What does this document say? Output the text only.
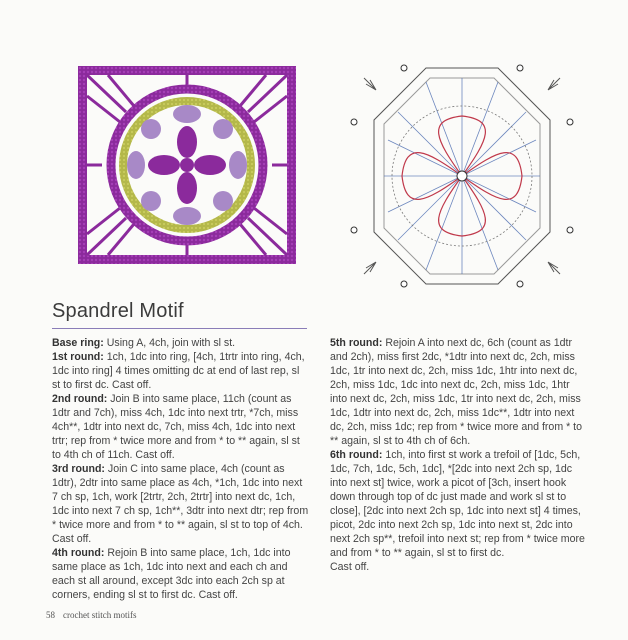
Spandrel Motif

Base ring: Using A, 4ch, join with sl st.

1st round: 1ch, 1dc into ring, [4ch, 1trtr into ring, 4ch, 1dc into ring] 4 times omitting dc at end of last rep, sl st to first dc. Cast off.

2nd round: Join B into same place, 11ch (count as 1dtr and 7ch), miss 4ch, 1dc into next trtr, *7ch, miss 4ch**, 1dtr into next dc, 7ch, miss 4ch, 1dc into next trtr; rep from * twice more and from * to ** again, sl st to 4th ch of 11ch. Cast off.

3rd round: Join C into same place, 4ch (count as 1dtr), 2dtr into same place as 4ch, *1ch, 1dc into next 7 ch sp, 1ch, work [2trtr, 2ch, 2trtr] into next dc, 1ch, 1dc into next 7 ch sp, 1ch**, 3dtr into next dtr; rep from * twice more and from * to ** again, sl st to top of 4ch. Cast off.

4th round: Rejoin B into same place, 1ch, 1dc into same place as 1ch, 1dc into next and each ch and each st all around, except 3dc into each 2ch sp at corners, ending sl st to first dc. Cast off.

5th round: Rejoin A into next dc, 6ch (count as 1dtr and 2ch), miss first 2dc, *1dtr into next dc, 2ch, miss 1dc, 1tr into next dc, 2ch, miss 1dc, 1htr into next dc, 2ch, miss 1dc, 1dc into next dc, 2ch, miss 1dc, 1htr into next dc, 2ch, miss 1dc, 1tr into next dc, 2ch, miss 1dc, 1dtr into next dc, 2ch, miss 1dc**, 1dtr into next dc, 2ch, miss 1dc; rep from * twice more and from * to ** again, sl st to 4th ch of 6ch.

6th round: 1ch, into first st work a trefoil of [1dc, 5ch, 1dc, 7ch, 1dc, 5ch, 1dc], *[2dc into next 2ch sp, 1dc into next st] twice, work a picot of [3ch, insert hook down through top of dc just made and work sl st to close], [2dc into next 2ch sp, 1dc into next st] 4 times, picot, 2dc into next 2ch sp, 1dc into next st, 2dc into next 2ch sp**, trefoil into next st; rep from * twice more and from * to ** again, sl st to first dc.

Cast off.

58 crochet stitch motifs
